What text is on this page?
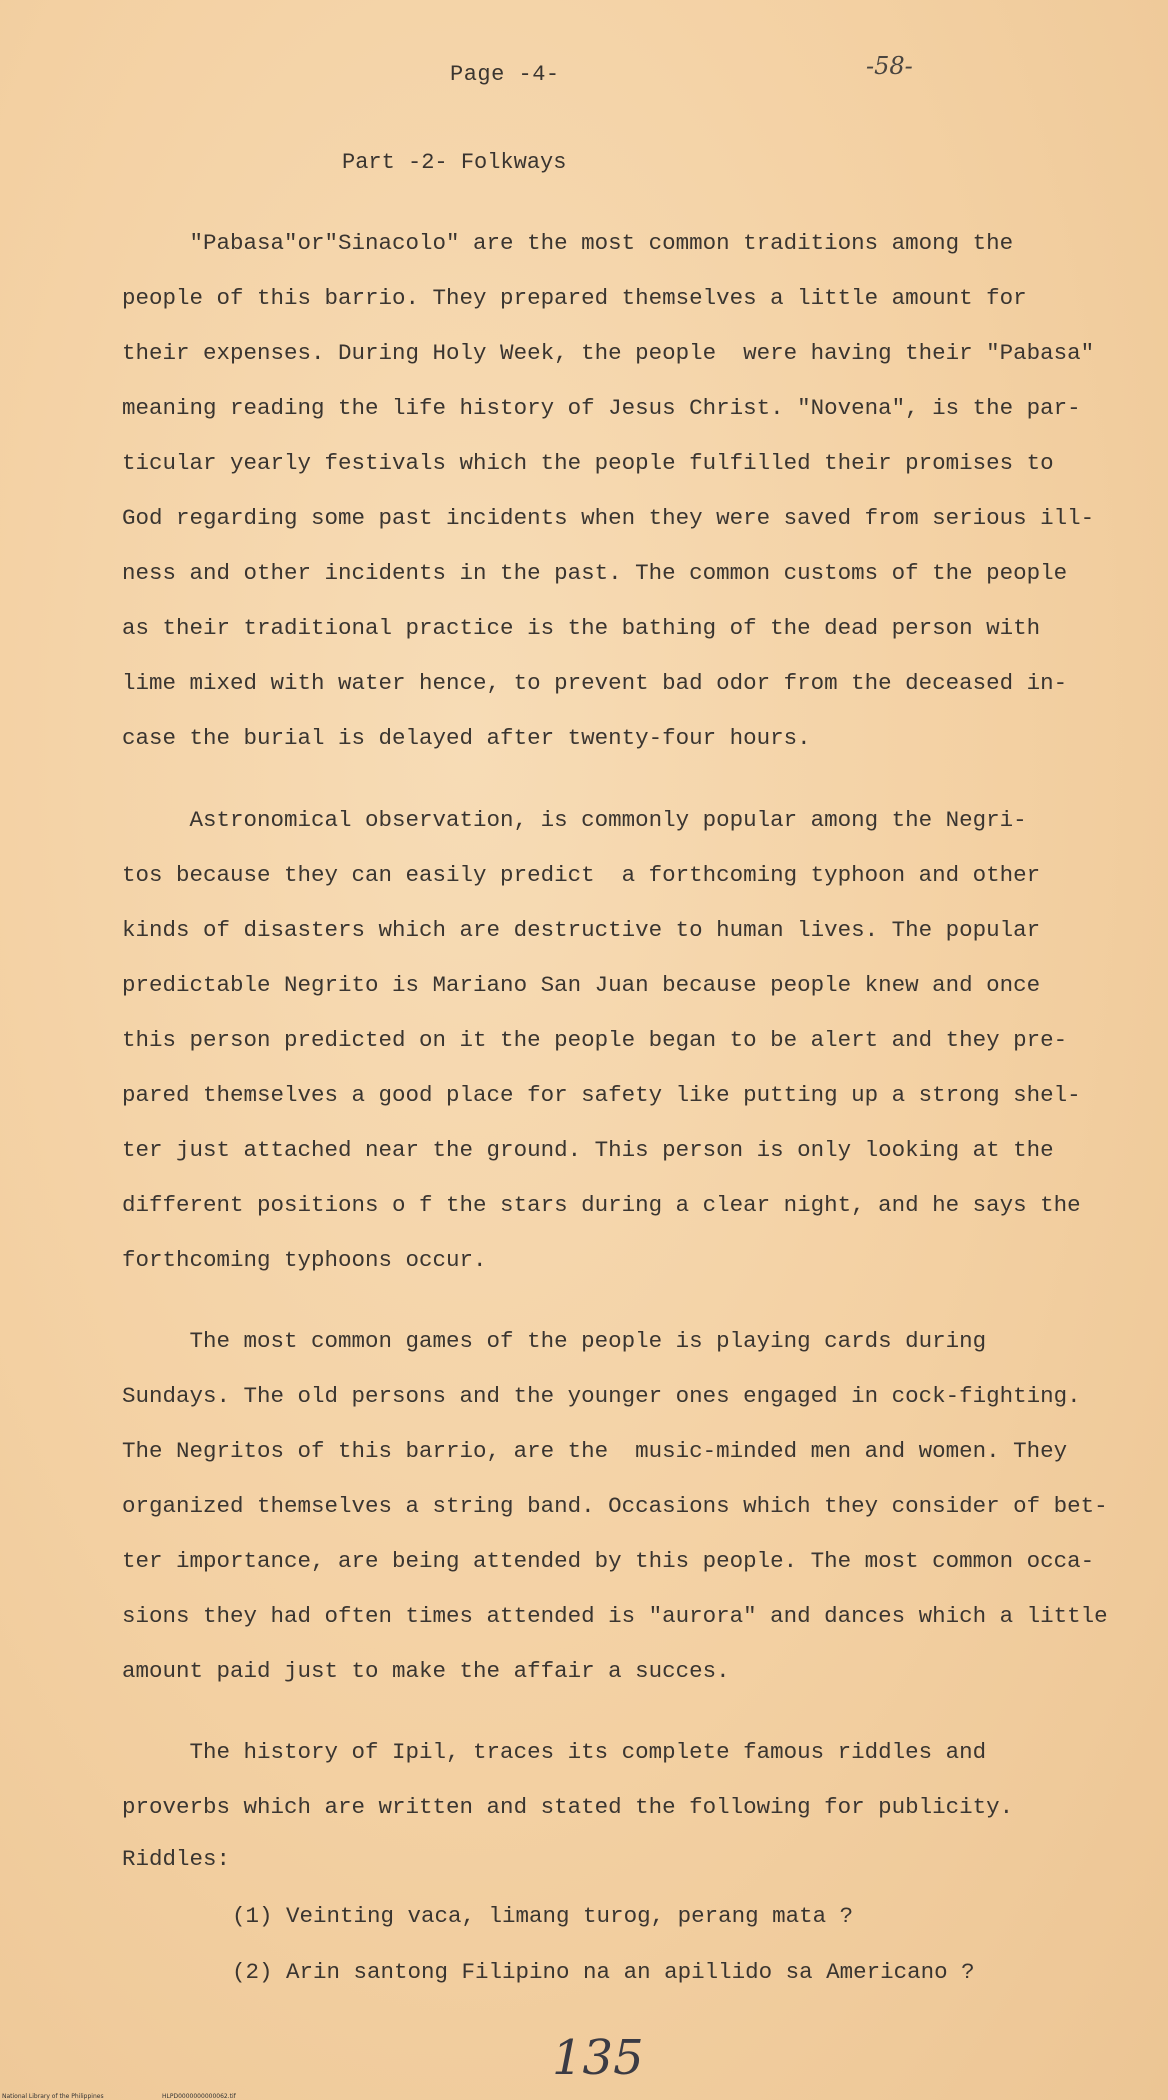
Page -4-	-58-
Part -2- Folkways
"Pabasa"or"Sinacolo" are the most common traditions among the
people of this barrio. They prepared themselves a little amount for
their expenses. During Holy Week, the people  were having their "Pabasa"
meaning reading the life history of Jesus Christ. "Novena", is the par-
ticular yearly festivals which the people fulfilled their promises to
God regarding some past incidents when they were saved from serious ill-
ness and other incidents in the past. The common customs of the people
as their traditional practice is the bathing of the dead person with
lime mixed with water hence, to prevent bad odor from the deceased in-
case the burial is delayed after twenty-four hours.
Astronomical observation, is commonly popular among the Negri-
tos because they can easily predict  a forthcoming typhoon and other
kinds of disasters which are destructive to human lives. The popular
predictable Negrito is Mariano San Juan because people knew and once
this person predicted on it the people began to be alert and they pre-
pared themselves a good place for safety like putting up a strong shel-
ter just attached near the ground. This person is only looking at the
different positions o f the stars during a clear night, and he says the
forthcoming typhoons occur.
The most common games of the people is playing cards during
Sundays. The old persons and the younger ones engaged in cock-fighting.
The Negritos of this barrio, are the  music-minded men and women. They
organized themselves a string band. Occasions which they consider of bet-
ter importance, are being attended by this people. The most common occa-
sions they had often times attended is "aurora" and dances which a little
amount paid just to make the affair a succes.
The history of Ipil, traces its complete famous riddles and
proverbs which are written and stated the following for publicity.
Riddles:
(1) Veinting vaca, limang turog, perang mata ?
(2) Arin santong Filipino na an apillido sa Americano ?
135
National Library of the Philippines	HLPD0000000000062.tif
